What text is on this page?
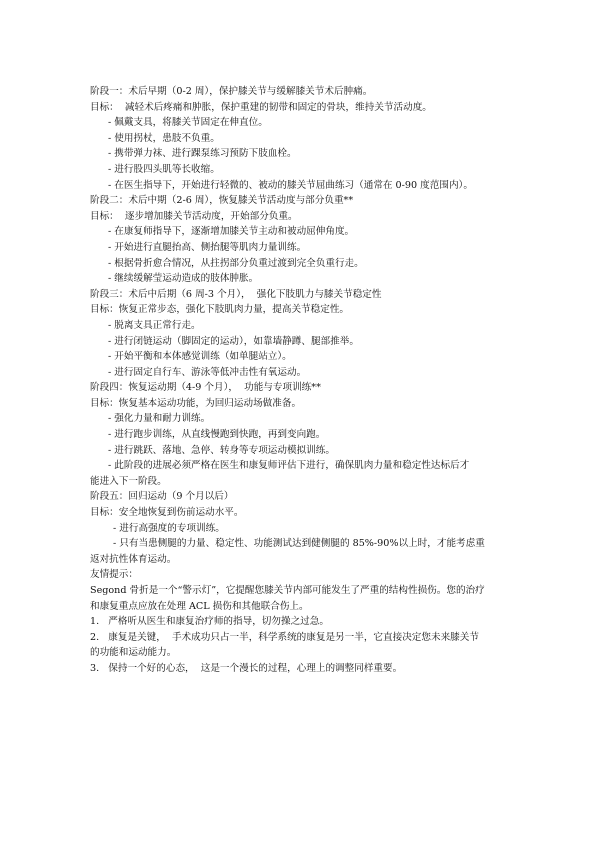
阶段一：术后早期（0-2 周），保护膝关节与缓解膝关节术后肿痛。
目标：  减轻术后疼痛和肿胀，保护重建的韧带和固定的骨块，维持关节活动度。
- 佩戴支具，将膝关节固定在伸直位。
- 使用拐杖，患肢不负重。
- 携带弹力袜、进行踝泵练习预防下肢血栓。
- 进行股四头肌等长收缩。
- 在医生指导下，开始进行轻微的、被动的膝关节屈曲练习（通常在 0-90 度范围内）。
阶段二：术后中期（2-6 周），恢复膝关节活动度与部分负重**
目标：  逐步增加膝关节活动度，开始部分负重。
- 在康复师指导下，逐渐增加膝关节主动和被动屈伸角度。
- 开始进行直腿抬高、侧抬腿等肌肉力量训练。
- 根据骨折愈合情况，从拄拐部分负重过渡到完全负重行走。
- 继续缓解莹运动造成的肢体肿胀。
阶段三：术后中后期（6 周-3 个月），  强化下肢肌力与膝关节稳定性
目标：恢复正常步态，强化下肢肌肉力量，提高关节稳定性。
- 脱离支具正常行走。
- 进行闭链运动（脚固定的运动），如靠墙静蹲、腿部推举。
- 开始平衡和本体感觉训练（如单腿站立）。
- 进行固定自行车、游泳等低冲击性有氧运动。
阶段四：恢复运动期（4-9 个月），  功能与专项训练**
目标：恢复基本运动功能，为回归运动场做准备。
- 强化力量和耐力训练。
- 进行跑步训练，从直线慢跑到快跑，再到变向跑。
- 进行跳跃、落地、急停、转身等专项运动模拟训练。
- 此阶段的进展必须严格在医生和康复师评估下进行，确保肌肉力量和稳定性达标后才
能进入下一阶段。
阶段五：回归运动（9 个月以后）
目标：安全地恢复到伤前运动水平。
- 进行高强度的专项训练。
- 只有当患侧腿的力量、稳定性、功能测试达到健侧腿的 85%-90%以上时，才能考虑重
返对抗性体育运动。
友情提示：
Segond 骨折是一个“警示灯”，它提醒您膝关节内部可能发生了严重的结构性损伤。您的治疗
和康复重点应放在处理 ACL 损伤和其他联合伤上。
1.   严格听从医生和康复治疗师的指导，切勿操之过急。
2.   康复是关键，  手术成功只占一半，科学系统的康复是另一半，它直接决定您未来膝关节
的功能和运动能力。
3.   保持一个好的心态，  这是一个漫长的过程，心理上的调整同样重要。
